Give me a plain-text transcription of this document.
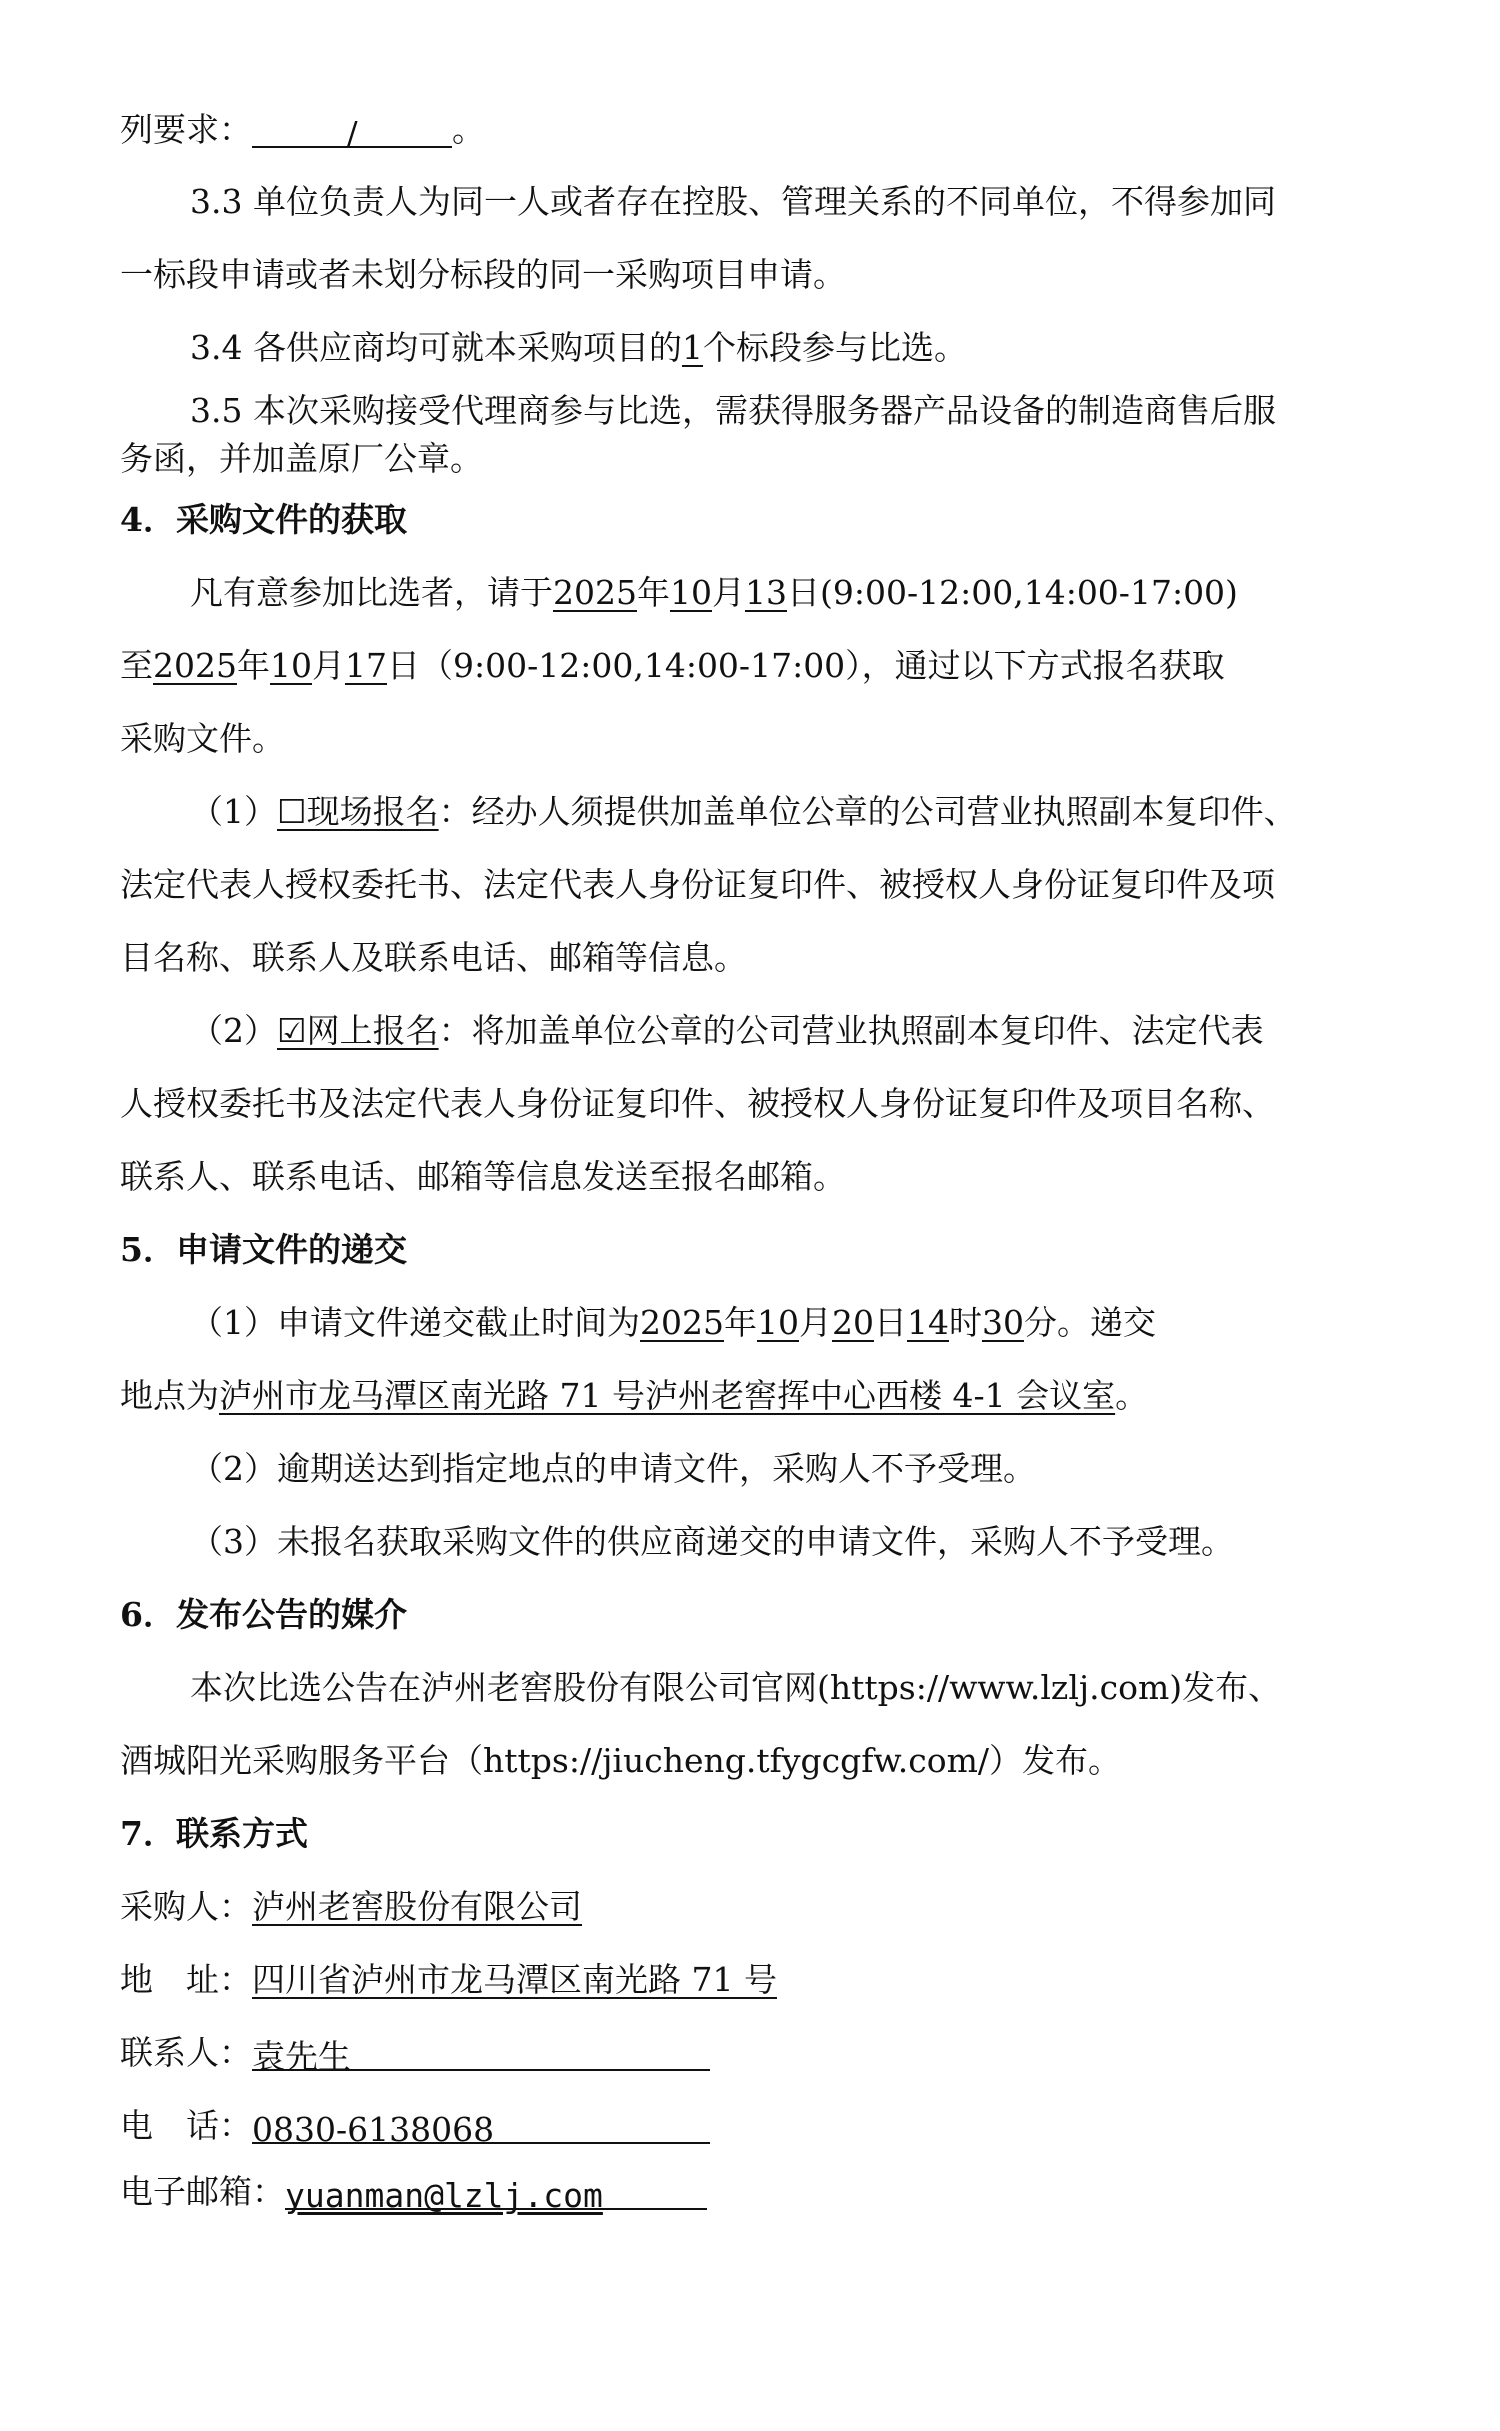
列要求：	/	。
3.3 单位负责人为同一人或者存在控股、管理关系的不同单位，不得参加同
一标段申请或者未划分标段的同一采购项目申请。
3.4 各供应商均可就本采购项目的1个标段参与比选。
3.5 本次采购接受代理商参与比选，需获得服务器产品设备的制造商售后服
务函，并加盖原厂公章。
4．采购文件的获取
凡有意参加比选者，请于2025年10月13日(9:00-12:00,14:00-17:00)
至2025年10月17日（9:00-12:00,14:00-17:00），通过以下方式报名获取
采购文件。
（1）☐现场报名：经办人须提供加盖单位公章的公司营业执照副本复印件、
法定代表人授权委托书、法定代表人身份证复印件、被授权人身份证复印件及项
目名称、联系人及联系电话、邮箱等信息。
（2）☑网上报名：将加盖单位公章的公司营业执照副本复印件、法定代表
人授权委托书及法定代表人身份证复印件、被授权人身份证复印件及项目名称、
联系人、联系电话、邮箱等信息发送至报名邮箱。
5．申请文件的递交
（1）申请文件递交截止时间为2025年10月20日14时30分。递交
地点为泸州市龙马潭区南光路 71 号泸州老窖挥中心西楼 4-1 会议室。
（2）逾期送达到指定地点的申请文件，采购人不予受理。
（3）未报名获取采购文件的供应商递交的申请文件，采购人不予受理。
6．发布公告的媒介
本次比选公告在泸州老窖股份有限公司官网(https://www.lzlj.com)发布、
酒城阳光采购服务平台（https://jiucheng.tfygcgfw.com/）发布。
7．联系方式
采购人：泸州老窖股份有限公司
地　址：四川省泸州市龙马潭区南光路 71 号
联系人：袁先生
电　话：0830-6138068
电子邮箱：yuanman@lzlj.com
